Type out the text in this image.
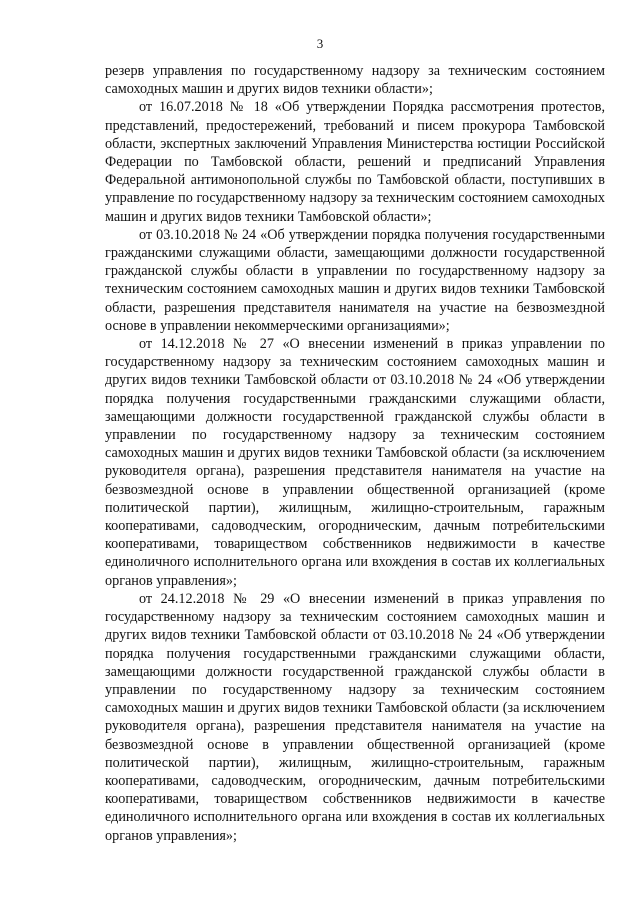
3

резерв управления по государственному надзору за техническим состоянием самоходных машин и других видов техники области»;

от 16.07.2018 № 18 «Об утверждении Порядка рассмотрения протестов, представлений, предостережений, требований и писем прокурора Тамбовской области, экспертных заключений Управления Министерства юстиции Российской Федерации по Тамбовской области, решений и предписаний Управления Федеральной антимонопольной службы по Тамбовской области, поступивших в управление по государственному надзору за техническим состоянием самоходных машин и других видов техники Тамбовской области»;

от 03.10.2018 № 24 «Об утверждении порядка получения государственными гражданскими служащими области, замещающими должности государственной гражданской службы области в управлении по государственному надзору за техническим состоянием самоходных машин и других видов техники Тамбовской области, разрешения представителя нанимателя на участие на безвозмездной основе в управлении некоммерческими организациями»;

от 14.12.2018 № 27 «О внесении изменений в приказ управлении по государственному надзору за техническим состоянием самоходных машин и других видов техники Тамбовской области от 03.10.2018 № 24 «Об утверждении порядка получения государственными гражданскими служащими области, замещающими должности государственной гражданской службы области в управлении по государственному надзору за техническим состоянием самоходных машин и других видов техники Тамбовской области (за исключением руководителя органа), разрешения представителя нанимателя на участие на безвозмездной основе в управлении общественной организацией (кроме политической партии), жилищным, жилищно-строительным, гаражным кооперативами, садоводческим, огородническим, дачным потребительскими кооперативами, товариществом собственников недвижимости в качестве единоличного исполнительного органа или вхождения в состав их коллегиальных органов управления»;

от 24.12.2018 № 29 «О внесении изменений в приказ управления по государственному надзору за техническим состоянием самоходных машин и других видов техники Тамбовской области от 03.10.2018 № 24 «Об утверждении порядка получения государственными гражданскими служащими области, замещающими должности государственной гражданской службы области в управлении по государственному надзору за техническим состоянием самоходных машин и других видов техники Тамбовской области (за исключением руководителя органа), разрешения представителя нанимателя на участие на безвозмездной основе в управлении общественной организацией (кроме политической партии), жилищным, жилищно-строительным, гаражным кооперативами, садоводческим, огородническим, дачным потребительскими кооперативами, товариществом собственников недвижимости в качестве единоличного исполнительного органа или вхождения в состав их коллегиальных органов управления»;
